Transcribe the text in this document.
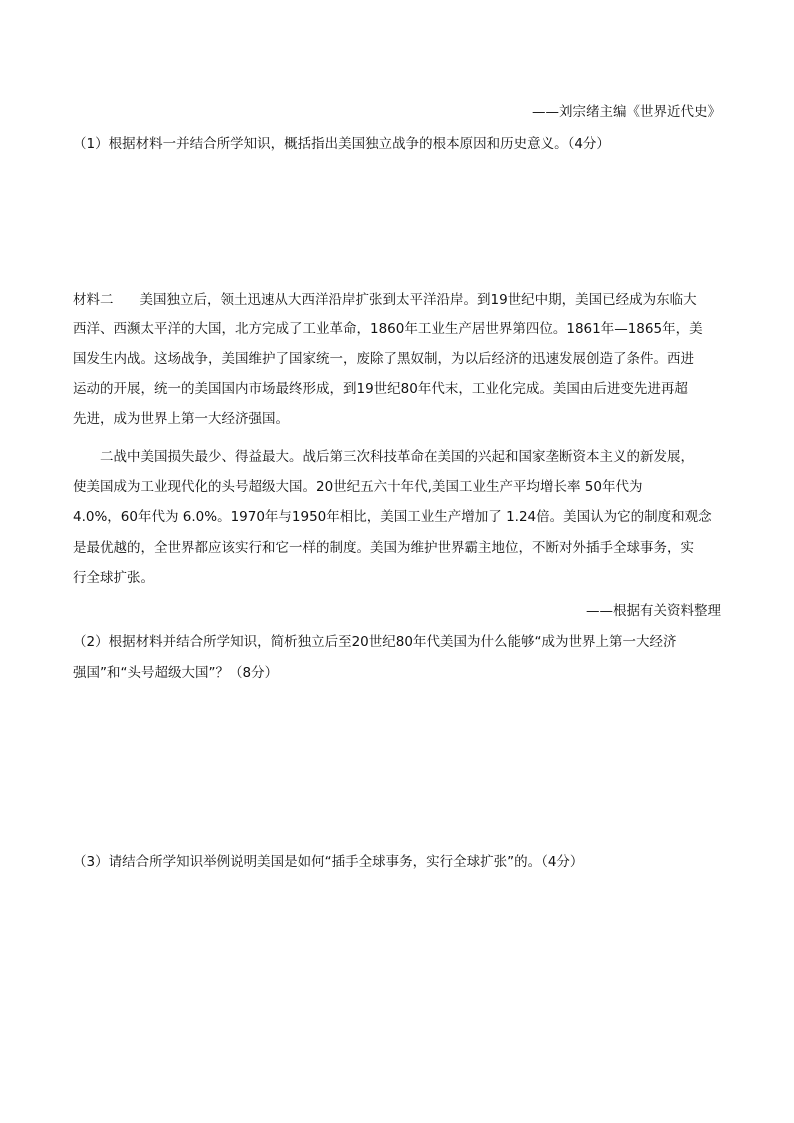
——刘宗绪主编《世界近代史》
（1）根据材料一并结合所学知识，概括指出美国独立战争的根本原因和历史意义。（4分）
材料二 美国独立后，领土迅速从大西洋沿岸扩张到太平洋沿岸。到19世纪中期，美国已经成为东临大
西洋、西濒太平洋的大国，北方完成了工业革命，1860年工业生产居世界第四位。1861年—1865年，美
国发生内战。这场战争，美国维护了国家统一，废除了黑奴制，为以后经济的迅速发展创造了条件。西进
运动的开展，统一的美国国内市场最终形成，到19世纪80年代末，工业化完成。美国由后进变先进再超
先进，成为世界上第一大经济强国。
二战中美国损失最少、得益最大。战后第三次科技革命在美国的兴起和国家垄断资本主义的新发展，
使美国成为工业现代化的头号超级大国。20世纪五六十年代,美国工业生产平均增长率 50年代为
4.0%，60年代为 6.0%。1970年与1950年相比，美国工业生产增加了 1.24倍。美国认为它的制度和观念
是最优越的，全世界都应该实行和它一样的制度。美国为维护世界霸主地位，不断对外插手全球事务，实
行全球扩张。
——根据有关资料整理
（2）根据材料并结合所学知识，简析独立后至20世纪80年代美国为什么能够“成为世界上第一大经济
强国”和“头号超级大国”？（8分）
（3）请结合所学知识举例说明美国是如何“插手全球事务，实行全球扩张”的。（4分）
